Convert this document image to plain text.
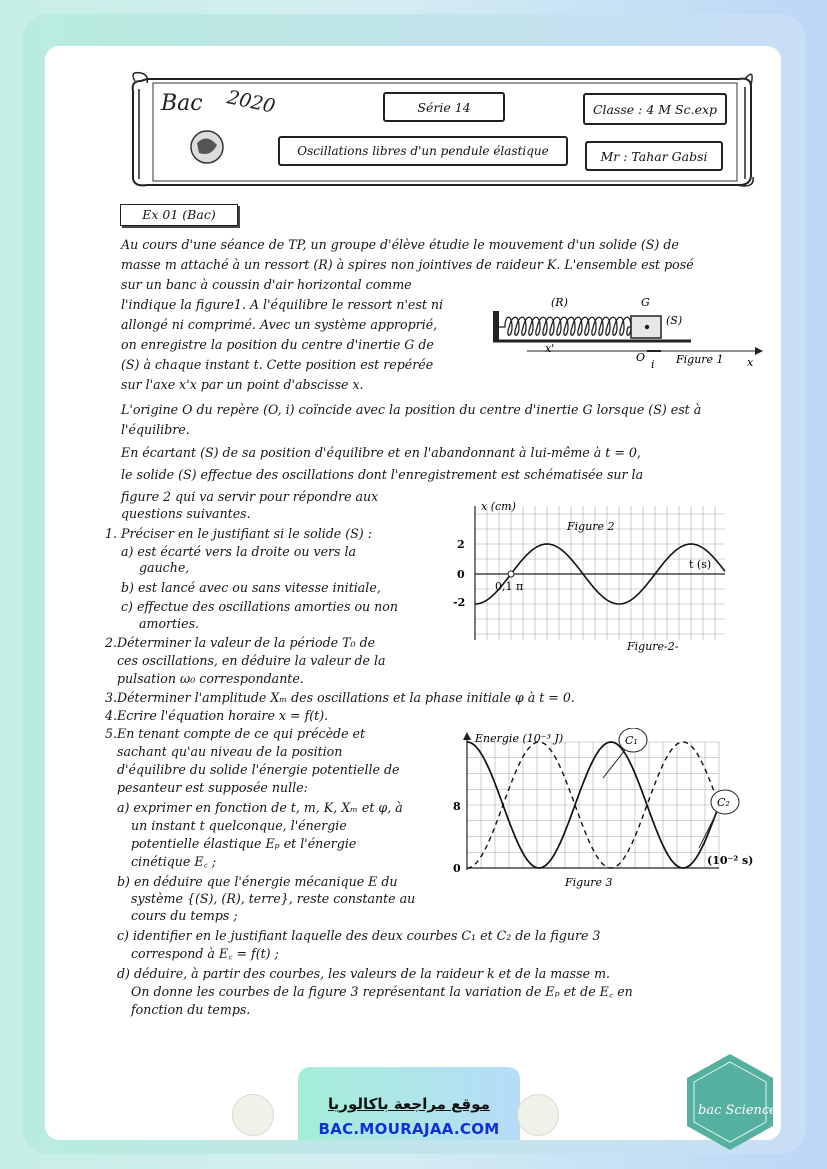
Bac 2020	Série 14	Classe : 4 M Sc.exp
Oscillations libres d'un pendule élastique	Mr : Tahar Gabsi
Ex 01 (Bac)
Au cours d'une séance de TP, un groupe d'élève étudie le mouvement d'un solide (S) de
masse m attaché à un ressort (R) à spires non jointives de raideur K. L'ensemble est posé
sur un banc à coussin d'air horizontal comme
l'indique la figure1. A l'équilibre le ressort n'est ni
allongé ni comprimé. Avec un système approprié,
on enregistre la position du centre d'inertie G de
(S) à chaque instant t. Cette position est repérée
sur l'axe x'x par un point d'abscisse x.
L'origine O du repère (O, i) coïncide avec la position du centre d'inertie G lorsque (S) est à
l'équilibre.
En écartant (S) de sa position d'équilibre et en l'abandonnant à lui-même à t = 0,
le solide (S) effectue des oscillations dont l'enregistrement est schématisée sur la
figure 2 qui va servir pour répondre aux
questions suivantes.
1. Préciser en le justifiant si le solide (S) :
a) est écarté vers la droite ou vers la
gauche,
b) est lancé avec ou sans vitesse initiale,
c) effectue des oscillations amorties ou non
amorties.
2. Déterminer la valeur de la période T₀ de
ces oscillations, en déduire la valeur de la
pulsation ω₀ correspondante.
3. Déterminer l'amplitude Xₘ des oscillations et la phase initiale φ à t = 0.
4. Ecrire l'équation horaire x = f(t).
5. En tenant compte de ce qui précède et
sachant qu'au niveau de la position
d'équilibre du solide l'énergie potentielle de
pesanteur est supposée nulle:
a) exprimer en fonction de t, m, K, Xₘ et φ, à
un instant t quelconque, l'énergie
potentielle élastique Eₚ et l'énergie
cinétique E꜀ ;
b) en déduire que l'énergie mécanique E du
système {(S), (R), terre}, reste constante au
cours du temps ;
c) identifier en le justifiant laquelle des deux courbes C₁ et C₂ de la figure 3
correspond à E꜀ = f(t) ;
d) déduire, à partir des courbes, les valeurs de la raideur k et de la masse m.
On donne les courbes de la figure 3 représentant la variation de Eₚ et de E꜀ en
fonction du temps.
(R)	G
(S)
x'
O
i Figure 1 x
x (cm)
Figure 2
2
0
-2
0,1 π
t (s)
Figure-2-
Energie (10⁻³ J)
8
0
(10⁻² s)
Figure 3
C₁
C₂
موقع مراجعة باكالوريا
BAC.MOURAJAA.COM
bac Science
